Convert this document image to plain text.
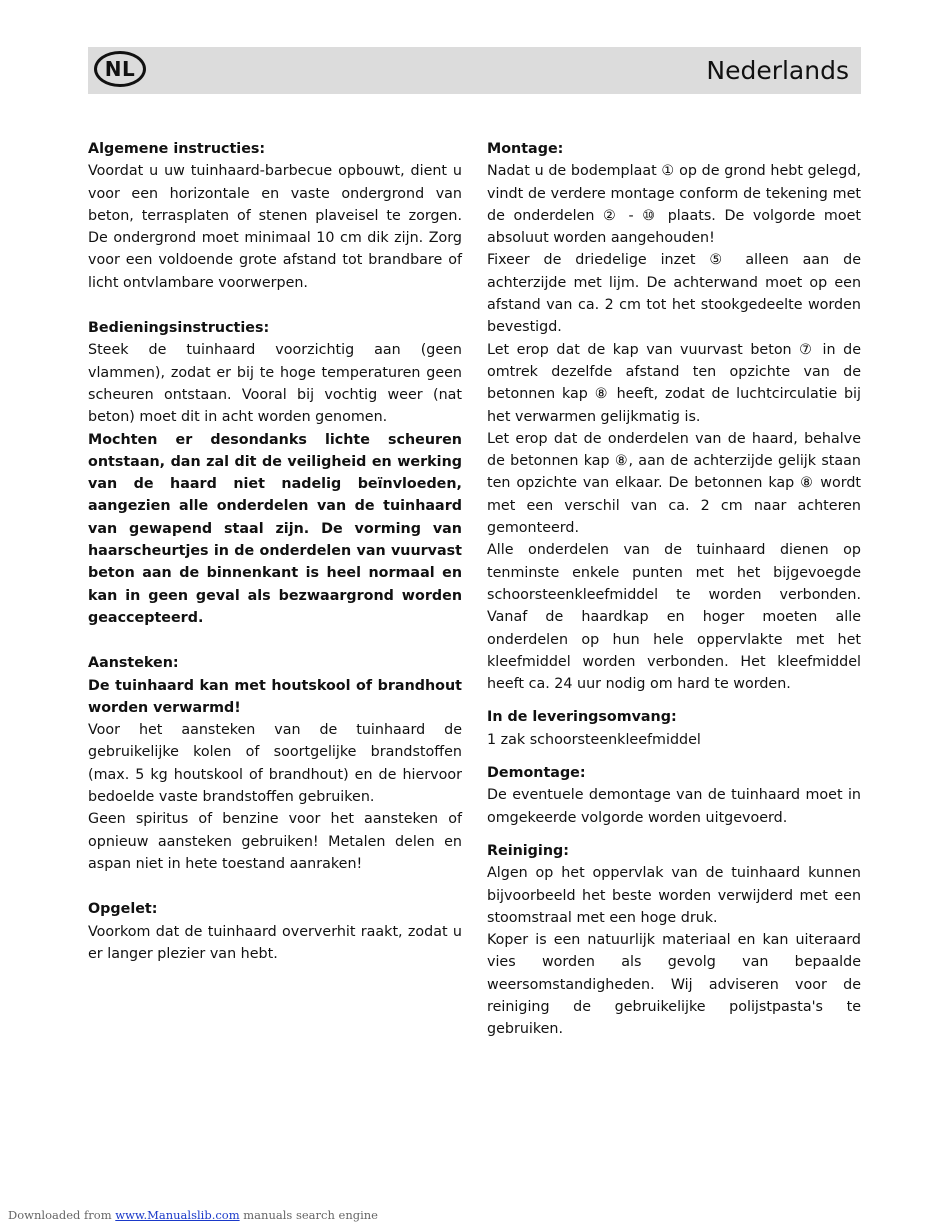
NL	Nederlands
Algemene instructies:

Voordat u uw tuinhaard-barbecue opbouwt, dient u voor een horizontale en vaste ondergrond van beton, terrasplaten of stenen plaveisel te zorgen. De ondergrond moet minimaal 10 cm dik zijn. Zorg voor een voldoende grote afstand tot brandbare of licht ontvlambare voorwerpen.

Bedieningsinstructies:

Steek de tuinhaard voorzichtig aan (geen vlammen), zodat er bij te hoge temperaturen geen scheuren ontstaan. Vooral bij vochtig weer (nat beton) moet dit in acht worden genomen.

Mochten er desondanks lichte scheuren ontstaan, dan zal dit de veiligheid en werking van de haard niet nadelig beïnvloeden, aangezien alle onderdelen van de tuinhaard van gewapend staal zijn. De vorming van haarscheurtjes in de onderdelen van vuurvast beton aan de binnenkant is heel normaal en kan in geen geval als bezwaargrond worden geaccepteerd.

Aansteken:

De tuinhaard kan met houtskool of brandhout worden verwarmd!

Voor het aansteken van de tuinhaard de gebruikelijke kolen of soortgelijke brandstoffen (max. 5 kg houtskool of brandhout) en de hiervoor bedoelde vaste brandstoffen gebruiken.

Geen spiritus of benzine voor het aansteken of opnieuw aansteken gebruiken! Metalen delen en aspan niet in hete toestand aanraken!

Opgelet:

Voorkom dat de tuinhaard oververhit raakt, zodat u er langer plezier van hebt.

Montage:

Nadat u de bodemplaat ① op de grond hebt gelegd, vindt de verdere montage conform de tekening met de onderdelen ② - ⑩ plaats. De volgorde moet absoluut worden aangehouden!

Fixeer de driedelige inzet ⑤ alleen aan de achterzijde met lijm. De achterwand moet op een afstand van ca. 2 cm tot het stookgedeelte worden bevestigd.

Let erop dat de kap van vuurvast beton ⑦ in de omtrek dezelfde afstand ten opzichte van de betonnen kap ⑧ heeft, zodat de luchtcirculatie bij het verwarmen gelijkmatig is.

Let erop dat de onderdelen van de haard, behalve de betonnen kap ⑧, aan de achterzijde gelijk staan ten opzichte van elkaar. De betonnen kap ⑧ wordt met een verschil van ca. 2 cm naar achteren gemonteerd.

Alle onderdelen van de tuinhaard dienen op tenminste enkele punten met het bijgevoegde schoorsteenkleefmiddel te worden verbonden. Vanaf de haardkap en hoger moeten alle onderdelen op hun hele oppervlakte met het kleefmiddel worden verbonden. Het kleefmiddel heeft ca. 24 uur nodig om hard te worden.

In de leveringsomvang:

1 zak schoorsteenkleefmiddel

Demontage:

De eventuele demontage van de tuinhaard moet in omgekeerde volgorde worden uitgevoerd.

Reiniging:

Algen op het oppervlak van de tuinhaard kunnen bijvoorbeeld het beste worden verwijderd met een stoomstraal met een hoge druk.

Koper is een natuurlijk materiaal en kan uiteraard vies worden als gevolg van bepaalde weersomstandigheden. Wij adviseren voor de reiniging de gebruikelijke polijstpasta's te gebruiken.

Downloaded from www.Manualslib.com manuals search engine
